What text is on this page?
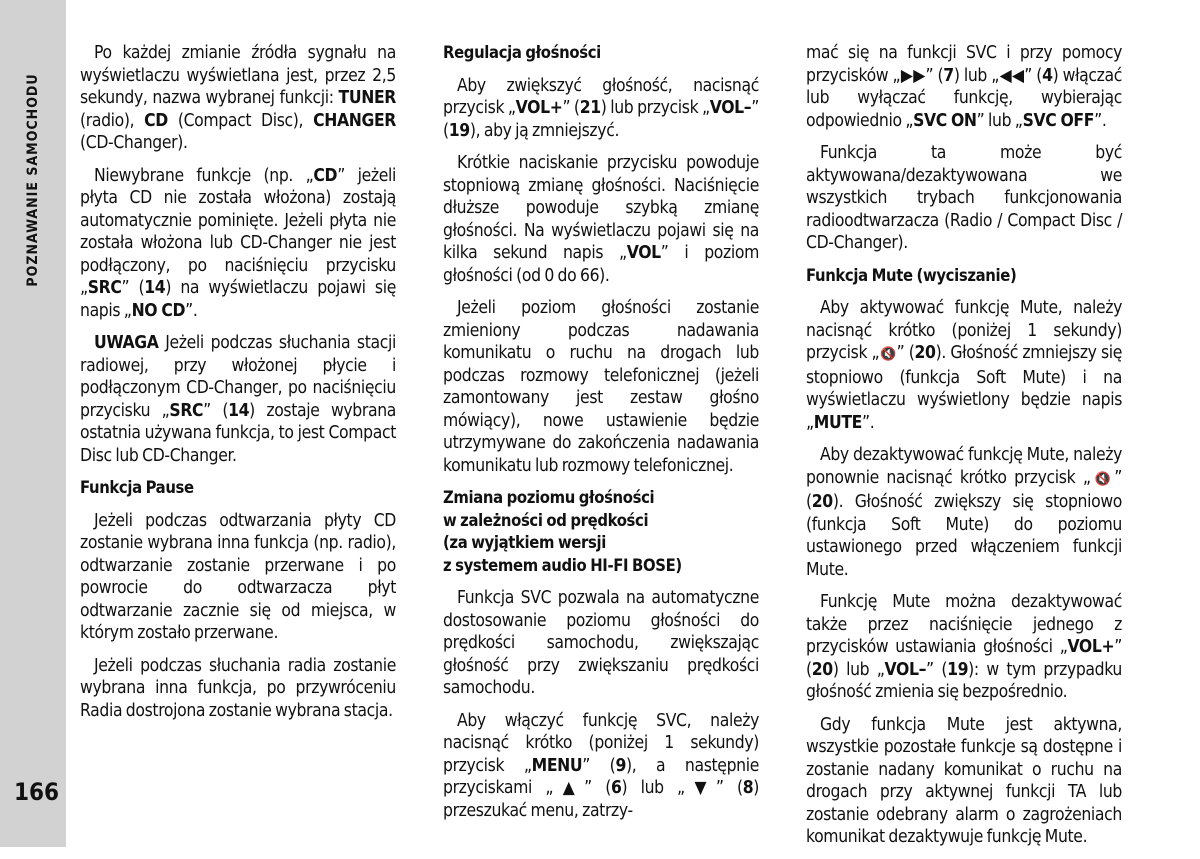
POZNAWANIE SAMOCHODU
166

Po każdej zmianie źródła sygnału na wyświetlaczu wyświetlana jest, przez 2,5 sekundy, nazwa wybranej funkcji: TUNER (radio), CD (Compact Disc), CHANGER (CD-Changer).

Niewybrane funkcje (np. „CD” jeżeli płyta CD nie została włożona) zostają automatycznie pominięte. Jeżeli płyta nie została włożona lub CD-Changer nie jest podłączony, po naciśnięciu przycisku „SRC” (14) na wyświetlaczu pojawi się napis „NO CD”.

UWAGA Jeżeli podczas słuchania stacji radiowej, przy włożonej płycie i podłączonym CD-Changer, po naciśnięciu przycisku „SRC” (14) zostaje wybrana ostatnia używana funkcja, to jest Compact Disc lub CD-Changer.

Funkcja Pause

Jeżeli podczas odtwarzania płyty CD zostanie wybrana inna funkcja (np. radio), odtwarzanie zostanie przerwane i po powrocie do odtwarzacza płyt odtwarzanie zacznie się od miejsca, w którym zostało przerwane.

Jeżeli podczas słuchania radia zostanie wybrana inna funkcja, po przywróceniu Radia dostrojona zostanie wybrana stacja.

Regulacja głośności

Aby zwiększyć głośność, nacisnąć przycisk „VOL+” (21) lub przycisk „VOL–” (19), aby ją zmniejszyć.

Krótkie naciskanie przycisku powoduje stopniową zmianę głośności. Naciśnięcie dłuższe powoduje szybką zmianę głośności. Na wyświetlaczu pojawi się na kilka sekund napis „VOL” i poziom głośności (od 0 do 66).

Jeżeli poziom głośności zostanie zmieniony podczas nadawania komunikatu o ruchu na drogach lub podczas rozmowy telefonicznej (jeżeli zamontowany jest zestaw głośno mówiący), nowe ustawienie będzie utrzymywane do zakończenia nadawania komunikatu lub rozmowy telefonicznej.

Zmiana poziomu głośności
w zależności od prędkości
(za wyjątkiem wersji
z systemem audio HI-FI BOSE)

Funkcja SVC pozwala na automatyczne dostosowanie poziomu głośności do prędkości samochodu, zwiększając głośność przy zwiększaniu prędkości samochodu.

Aby włączyć funkcję SVC, należy nacisnąć krótko (poniżej 1 sekundy) przycisk „MENU” (9), a następnie przyciskami „▲” (6) lub „▼” (8) przeszukać menu, zatrzy-

mać się na funkcji SVC i przy pomocy przycisków „▶▶” (7) lub „◀◀” (4) włączać lub wyłączać funkcję, wybierając odpowiednio „SVC ON” lub „SVC OFF”.

Funkcja ta może być aktywowana/dezaktywowana we wszystkich trybach funkcjonowania radioodtwarzacza (Radio / Compact Disc / CD-Changer).

Funkcja Mute (wyciszanie)

Aby aktywować funkcję Mute, należy nacisnąć krótko (poniżej 1 sekundy) przycisk „🔇” (20). Głośność zmniejszy się stopniowo (funkcja Soft Mute) i na wyświetlaczu wyświetlony będzie napis „MUTE”.

Aby dezaktywować funkcję Mute, należy ponownie nacisnąć krótko przycisk „🔇” (20). Głośność zwiększy się stopniowo (funkcja Soft Mute) do poziomu ustawionego przed włączeniem funkcji Mute.

Funkcję Mute można dezaktywować także przez naciśnięcie jednego z przycisków ustawiania głośności „VOL+” (20) lub „VOL–” (19): w tym przypadku głośność zmienia się bezpośrednio.

Gdy funkcja Mute jest aktywna, wszystkie pozostałe funkcje są dostępne i zostanie nadany komunikat o ruchu na drogach przy aktywnej funkcji TA lub zostanie odebrany alarm o zagrożeniach komunikat dezaktywuje funkcję Mute.
